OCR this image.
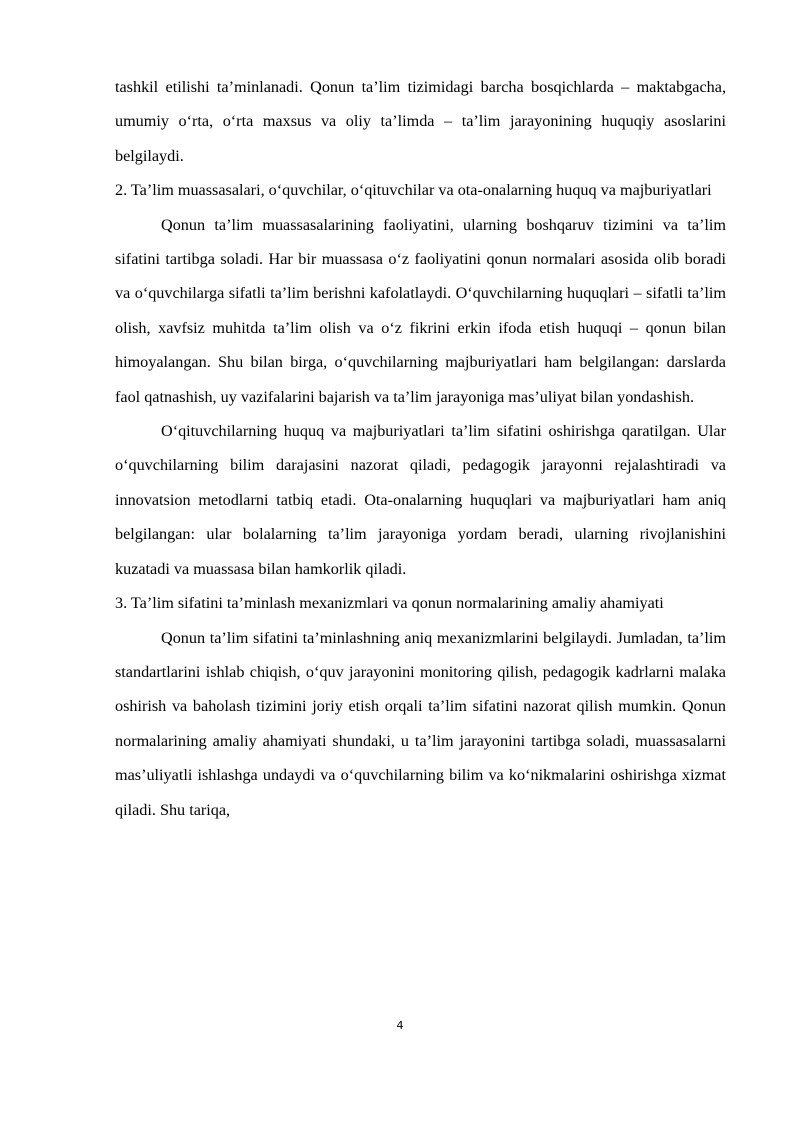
tashkil etilishi ta’minlanadi. Qonun ta’lim tizimidagi barcha bosqichlarda – maktabgacha, umumiy o‘rta, o‘rta maxsus va oliy ta’limda – ta’lim jarayonining huquqiy asoslarini belgilaydi.

2. Ta’lim muassasalari, o‘quvchilar, o‘qituvchilar va ota-onalarning huquq va majburiyatlari

Qonun ta’lim muassasalarining faoliyatini, ularning boshqaruv tizimini va ta’lim sifatini tartibga soladi. Har bir muassasa o‘z faoliyatini qonun normalari asosida olib boradi va o‘quvchilarga sifatli ta’lim berishni kafolatlaydi. O‘quvchilarning huquqlari – sifatli ta’lim olish, xavfsiz muhitda ta’lim olish va o‘z fikrini erkin ifoda etish huquqi – qonun bilan himoyalangan. Shu bilan birga, o‘quvchilarning majburiyatlari ham belgilangan: darslarda faol qatnashish, uy vazifalarini bajarish va ta’lim jarayoniga mas’uliyat bilan yondashish.

O‘qituvchilarning huquq va majburiyatlari ta’lim sifatini oshirishga qaratilgan. Ular o‘quvchilarning bilim darajasini nazorat qiladi, pedagogik jarayonni rejalashtiradi va innovatsion metodlarni tatbiq etadi. Ota-onalarning huquqlari va majburiyatlari ham aniq belgilangan: ular bolalarning ta’lim jarayoniga yordam beradi, ularning rivojlanishini kuzatadi va muassasa bilan hamkorlik qiladi.

3. Ta’lim sifatini ta’minlash mexanizmlari va qonun normalarining amaliy ahamiyati

Qonun ta’lim sifatini ta’minlashning aniq mexanizmlarini belgilaydi. Jumladan, ta’lim standartlarini ishlab chiqish, o‘quv jarayonini monitoring qilish, pedagogik kadrlarni malaka oshirish va baholash tizimini joriy etish orqali ta’lim sifatini nazorat qilish mumkin. Qonun normalarining amaliy ahamiyati shundaki, u ta’lim jarayonini tartibga soladi, muassasalarni mas’uliyatli ishlashga undaydi va o‘quvchilarning bilim va ko‘nikmalarini oshirishga xizmat qiladi. Shu tariqa,

4
